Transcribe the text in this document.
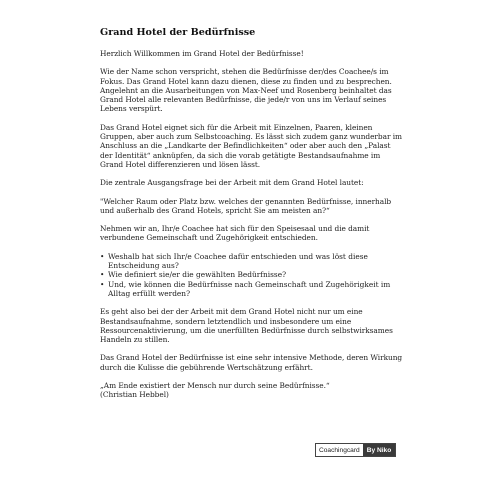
Grand Hotel der Bedürfnisse
Herzlich Willkommen im Grand Hotel der Bedürfnisse!
Wie der Name schon verspricht, stehen die Bedürfnisse der/des Coachee/s im
Fokus. Das Grand Hotel kann dazu dienen, diese zu finden und zu besprechen.
Angelehnt an die Ausarbeitungen von Max-Neef und Rosenberg beinhaltet das
Grand Hotel alle relevanten Bedürfnisse, die jede/r von uns im Verlauf seines
Lebens verspürt.
Das Grand Hotel eignet sich für die Arbeit mit Einzelnen, Paaren, kleinen
Gruppen, aber auch zum Selbstcoaching. Es lässt sich zudem ganz wunderbar im
Anschluss an die „Landkarte der Befindlichkeiten“ oder aber auch den „Palast
der Identität“ anknüpfen, da sich die vorab getätigte Bestandsaufnahme im
Grand Hotel differenzieren und lösen lässt.
Die zentrale Ausgangsfrage bei der Arbeit mit dem Grand Hotel lautet:
"Welcher Raum oder Platz bzw. welches der genannten Bedürfnisse, innerhalb
und außerhalb des Grand Hotels, spricht Sie am meisten an?“
Nehmen wir an, Ihr/e Coachee hat sich für den Speisesaal und die damit
verbundene Gemeinschaft und Zugehörigkeit entschieden.
• Weshalb hat sich Ihr/e Coachee dafür entschieden und was löst diese
Entscheidung aus?
• Wie definiert sie/er die gewählten Bedürfnisse?
• Und, wie können die Bedürfnisse nach Gemeinschaft und Zugehörigkeit im
Alltag erfüllt werden?
Es geht also bei der der Arbeit mit dem Grand Hotel nicht nur um eine
Bestandsaufnahme, sondern letztendlich und insbesondere um eine
Ressourcenaktivierung, um die unerfüllten Bedürfnisse durch selbstwirksames
Handeln zu stillen.
Das Grand Hotel der Bedürfnisse ist eine sehr intensive Methode, deren Wirkung
durch die Kulisse die gebührende Wertschätzung erfährt.
„Am Ende existiert der Mensch nur durch seine Bedürfnisse.“
(Christian Hebbel)
Coachingcard	By Niko
